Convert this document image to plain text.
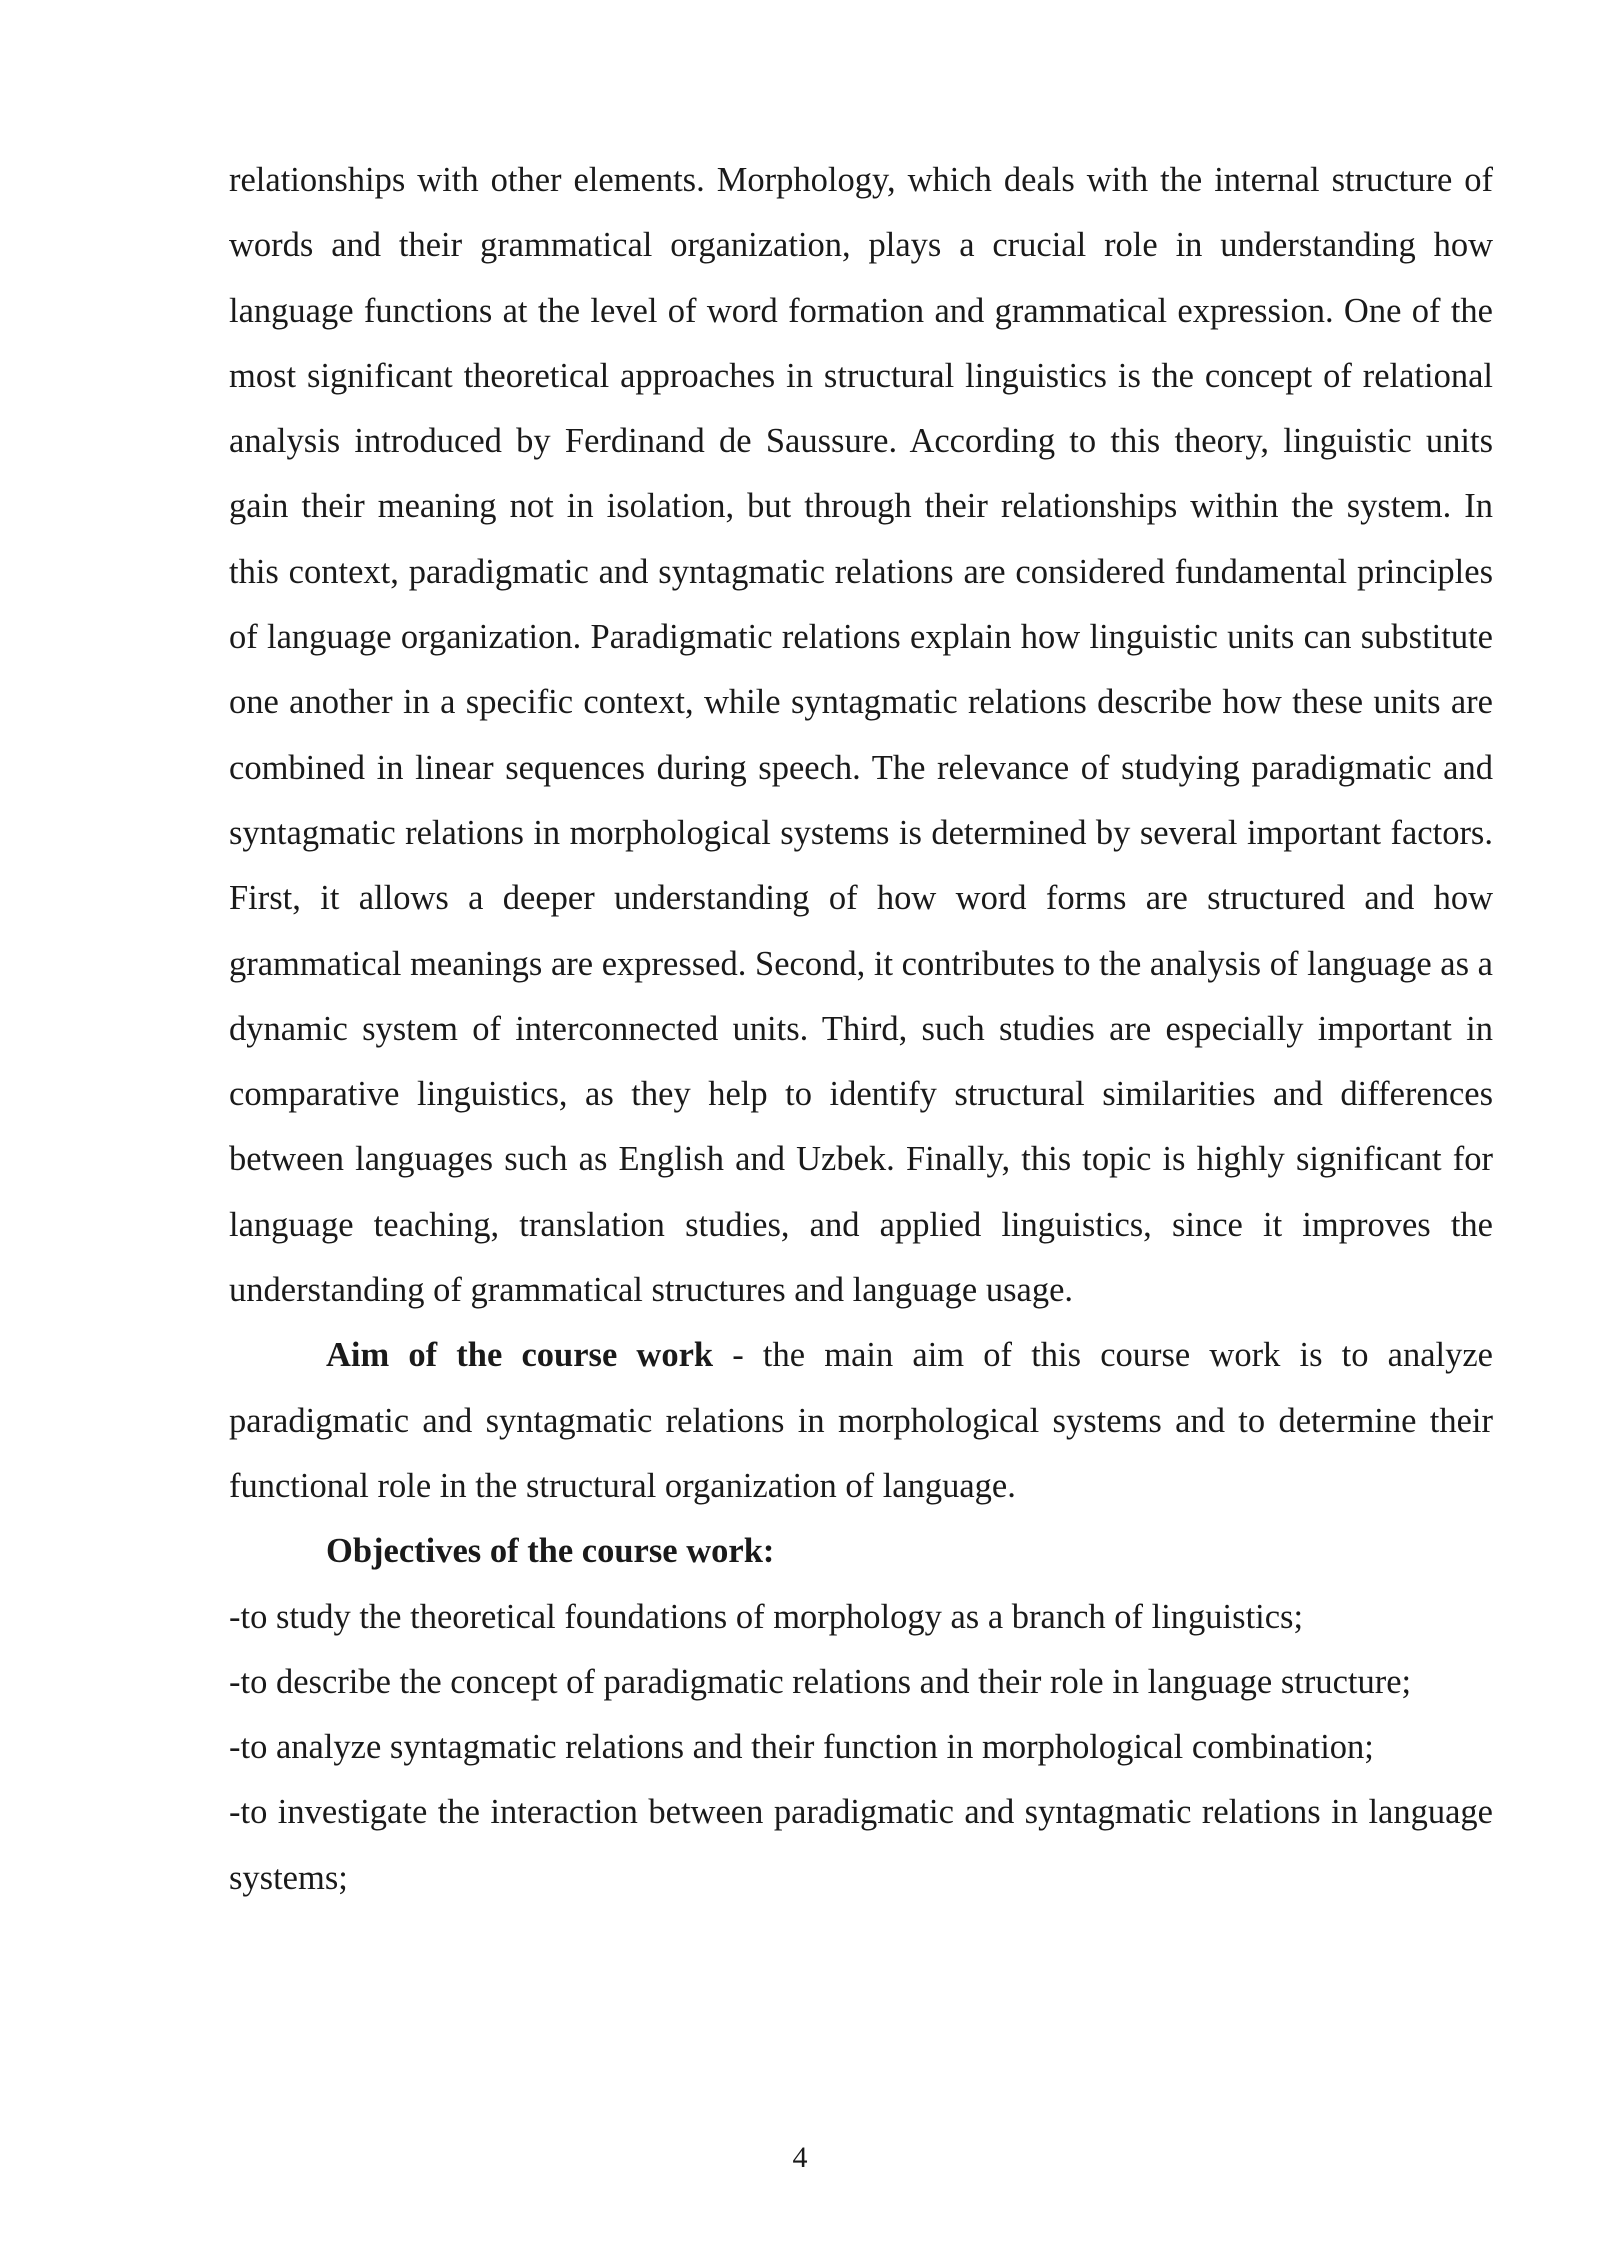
relationships with other elements. Morphology, which deals with the internal structure of words and their grammatical organization, plays a crucial role in understanding how language functions at the level of word formation and grammatical expression. One of the most significant theoretical approaches in structural linguistics is the concept of relational analysis introduced by Ferdinand de Saussure. According to this theory, linguistic units gain their meaning not in isolation, but through their relationships within the system. In this context, paradigmatic and syntagmatic relations are considered fundamental principles of language organization. Paradigmatic relations explain how linguistic units can substitute one another in a specific context, while syntagmatic relations describe how these units are combined in linear sequences during speech. The relevance of studying paradigmatic and syntagmatic relations in morphological systems is determined by several important factors. First, it allows a deeper understanding of how word forms are structured and how grammatical meanings are expressed. Second, it contributes to the analysis of language as a dynamic system of interconnected units. Third, such studies are especially important in comparative linguistics, as they help to identify structural similarities and differences between languages such as English and Uzbek. Finally, this topic is highly significant for language teaching, translation studies, and applied linguistics, since it improves the understanding of grammatical structures and language usage.

Aim of the course work - the main aim of this course work is to analyze paradigmatic and syntagmatic relations in morphological systems and to determine their functional role in the structural organization of language.

Objectives of the course work:

-to study the theoretical foundations of morphology as a branch of linguistics;

-to describe the concept of paradigmatic relations and their role in language structure;

-to analyze syntagmatic relations and their function in morphological combination;

-to investigate the interaction between paradigmatic and syntagmatic relations in language systems;

4
